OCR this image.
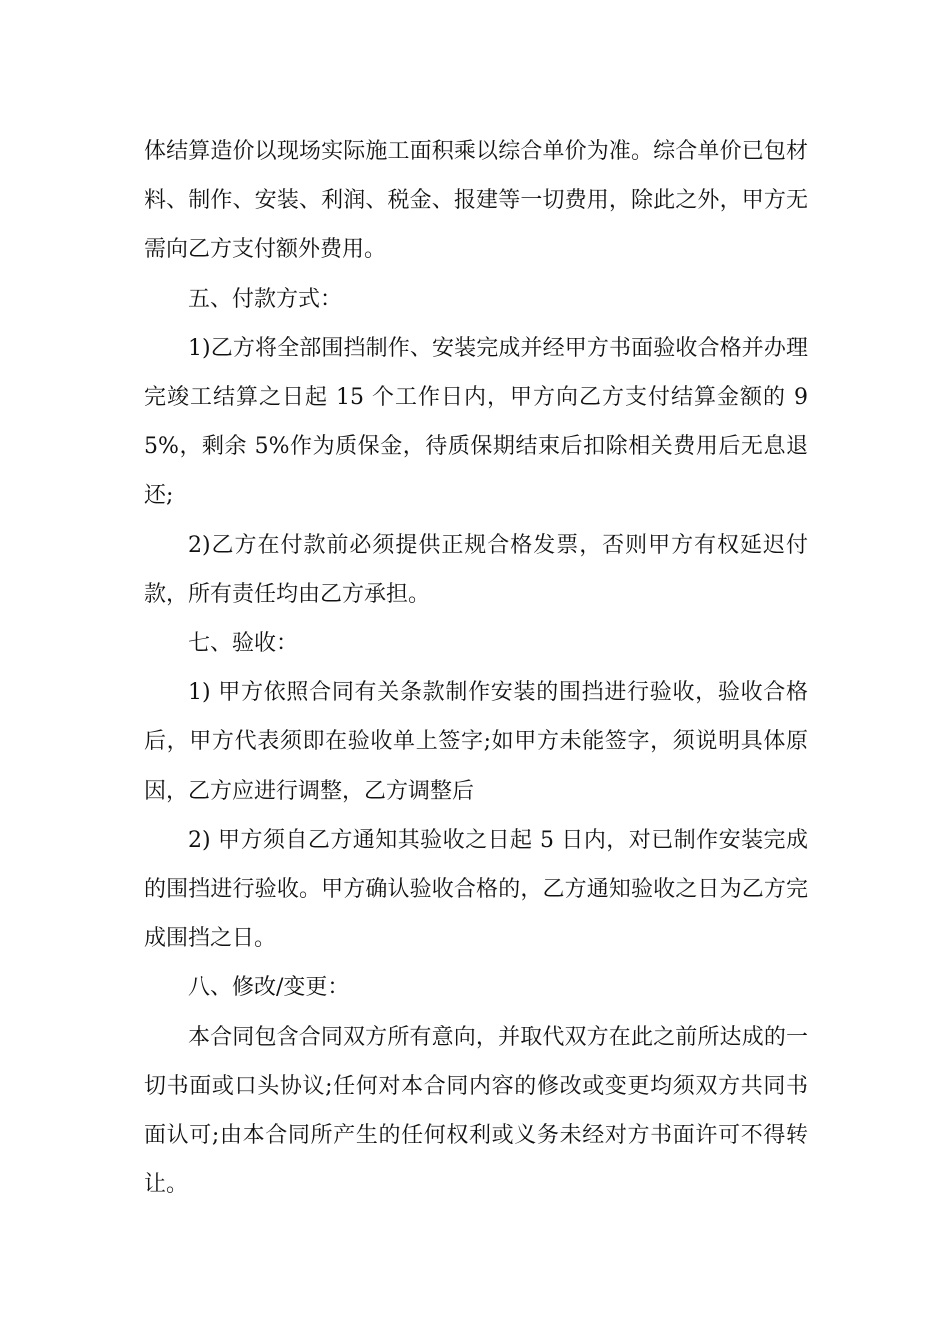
体结算造价以现场实际施工面积乘以综合单价为准。综合单价已包材料、制作、安装、利润、税金、报建等一切费用，除此之外，甲方无需向乙方支付额外费用。

五、付款方式：

1)乙方将全部围挡制作、安装完成并经甲方书面验收合格并办理完竣工结算之日起 15 个工作日内，甲方向乙方支付结算金额的 95%，剩余 5%作为质保金，待质保期结束后扣除相关费用后无息退还;

2)乙方在付款前必须提供正规合格发票，否则甲方有权延迟付款，所有责任均由乙方承担。

七、验收：

1) 甲方依照合同有关条款制作安装的围挡进行验收，验收合格后，甲方代表须即在验收单上签字;如甲方未能签字，须说明具体原因，乙方应进行调整，乙方调整后

2) 甲方须自乙方通知其验收之日起 5 日内，对已制作安装完成的围挡进行验收。甲方确认验收合格的，乙方通知验收之日为乙方完成围挡之日。

八、修改/变更：

本合同包含合同双方所有意向，并取代双方在此之前所达成的一切书面或口头协议;任何对本合同内容的修改或变更均须双方共同书面认可;由本合同所产生的任何权利或义务未经对方书面许可不得转让。
